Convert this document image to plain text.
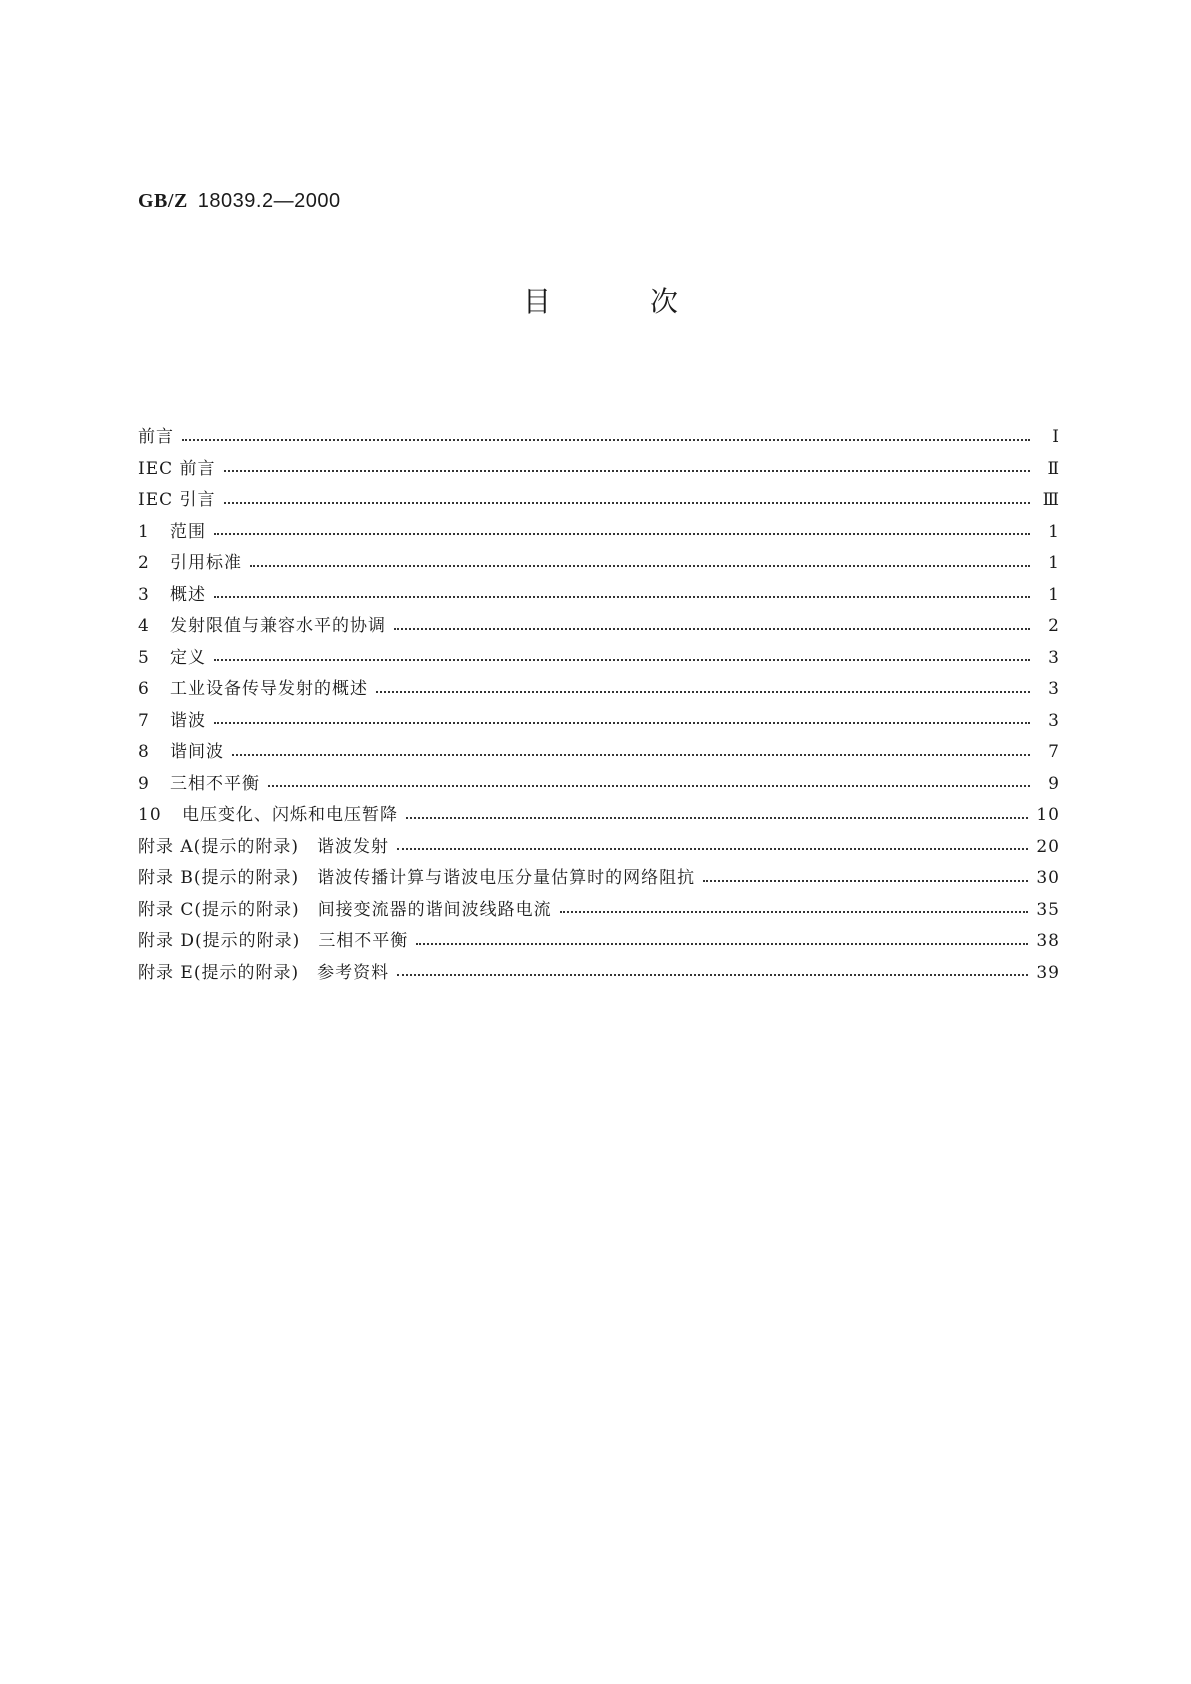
GB/Z 18039.2—2000
目	次
前言	Ⅰ
IEC 前言	Ⅱ
IEC 引言	Ⅲ
1	范围	1
2	引用标准	1
3	概述	1
4	发射限值与兼容水平的协调	2
5	定义	3
6	工业设备传导发射的概述	3
7	谐波	3
8	谐间波	7
9	三相不平衡	9
10	电压变化、闪烁和电压暂降	10
附录 A(提示的附录) 谐波发射	20
附录 B(提示的附录) 谐波传播计算与谐波电压分量估算时的网络阻抗	30
附录 C(提示的附录) 间接变流器的谐间波线路电流	35
附录 D(提示的附录) 三相不平衡	38
附录 E(提示的附录) 参考资料	39
